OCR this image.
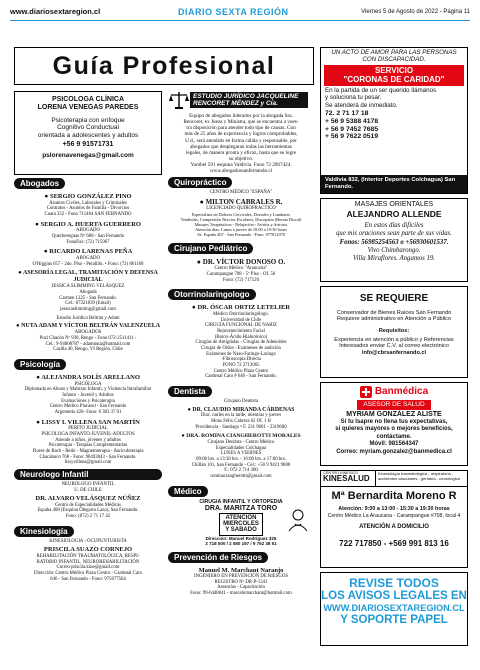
www.diariosextaregion.cl	DIARIO SEXTA REGIÓN	Viernes 5 de Agosto de 2022 - Página 11
Guía Profesional
PSICOLOGA CLÍNICA
LORENA VENEGAS PAREDES
Psicoterapia con enfoque
Cognitivo Conductual
orientada a adolescentes y adultos
+56 9 91571731
pslorenavenegas@gmail.com
Abogados
● SERGIO GONZÁLEZ PINO
Asuntos Civiles, Laborales y Criminales
Contratos - Asuntos de Familia - Divorcios
Cuatá 332 - Fono 711464 SAN FERNANDO
● SERGIO A. HUERTA GUERRERO
ABOGADO
Quechereguas Nº 688 - San Fernando
FonoFax: (72) 715967
● RICARDO LARENAS PEÑA
ABOGADO
O'Higgins 657 - 2do. Piso - Peralillo. • Fono: (72) 861168
● ASESORÍA LEGAL, TRAMITACIÓN Y DEFENSA JUDICIAL
JESSICA SLIMMING VELÁSQUEZ
Abogada
Carmen 1225 - San Fernando.
Cel.: 87321839 (Email)
jessicaslimming@gmail.com
Estudio Jurídico Beltrán y Adam
● NUTA ADAM Y VÍCTOR BELTRÁN VALENZUELA
ABOGADOS
Pozi Chacón Nº 930, Rengo - Fono 072-2511411 -
Cel.: 9-94008787 - adamnuta@hotmail.com
Casilla 40, Rengo, VI Región, Chile
Psicología
● ALEJANDRA SOLÍS ARELLANO
PSICÓLOGA
Diplomada en Abuso y Maltrato Infantil, y Violencia Intrafamiliar
Infanto - Juvenil y Adultos
Evaluaciones y Psicoterapia
Centro Médico Placasol - San Fernando
Argomedo 426- Fono: 6 303 37 01
● LISSY I. VILLENA SAN MARTÍN
PERITO JUDICIAL
PSICOLOGA INFANTO-JUVENIL-ADULTOS
Atiende a niños, jóvenes y adultos
Psicoterapia - Terapias Complementarias
Flores de Bach - Reiki - Magnetoterapia - Auriculoterapia
Chacabuco 768 - Fono: 98493043 - San Fernando.
lissyvillena@gmail.com
Neurologo Infantil
NEUROLOGO INFANTIL
U. DE CHILE
DR. ALVARO VELÁSQUEZ NÚÑEZ
Centro de Especialidades Médicas
Espaha 408 (Esquina Olegario Lazo), San Fernando.
Fono: (072) 2 71 17 42
Kinesiología
KINESIOLOGIA - OCUPUNTURISTA
PRISCILA SUAZO CORNEJO
REHABILITACIÓN TRAUMATOLÓGICA, RESPI-
RATORIO INFANTIL, NEUROREHABILITACIÓN
Correo priscila.kine@gmail.com
Dirección: Centro Médico Plaza Centro - Cardenal Caro
646 - San Fernando - Fono: 975677564
ESTUDIO JURÍDICO JACQUELINE RENCORET MÉNDEZ y Cía.
Equipo de abogados liderados por la abogada Sra.
Rencoret, ex Jueza y Ministra, que se encuentra a vues-
tra disposición para atender todo tipo de causas. Con
más de 25 años de experiencia y logros comprobables,
U.d., será atendido en forma cálida y responsable, por
abogados que desplegaran todas las herramientas
legales, de manera pronta y eficaz, hasta que se logre
su objetivo.
Yumbel 591 esquina Valdivia. Fono 72 2967424.
www.abogadossanfernando.cl
Quiropráctico
CENTRO MÉDICO "ESPAÑA"
● MILTON CABRALES R.
LICENCIADO QUIROPRACTICO
Especialista en Dolores Cervicales, Dorsales y Lumbares
Tendinitis, Compresión Nervios Escolares, Discopatía (Hernia Discal)
Masajes Terapéuticos - Relajación - Artritis y Artrosis
Atención días: Lunes a jueves de 10:00 a 19:30 horas
Av. España 467 - San Fernando - Fono: 977812070
Cirujano Pediátrico
● DR. VÍCTOR DONOSO O.
Centro Médico "Araucaria"
Carampangue 708 - 5º Piso - Of. 56
Fono: (72) 717120
Otorrinolaringologo
● DR. ÓSCAR ORTIZ LETELIER
Médico Otorrinolaringólogo.
Universidad de Chile
CIRUGÍA FUNCIONAL DE NARIZ
Rejuvenecimiento Facial
(Botox-Ácido Hialurónico)
Cirugías de Amígdalas - Cirugías de Adenoides
Cirugía de Oídos - Exámenes de audición
Exámenes de Naso-Faringo-Laringo
-Fibroscopia Directa
FONO 72 2713065
Centro Médico Plaza Centro
Cardenal Caro # 646 - San Fernando.
Dentista
Cirujano Dentista
● DR. CLAUDIO MIRANDA CÁRDENAS
Diac. nurles en la tarde, mientras y jueves
Mons Félix Cabrera 62 Of. 1 B
Providencia - Santiago • F. 231 9601 - 2319600
● DRA. ROMINA CIANGHEROTTI MORALES
Cirujano Dentista - Centro Médico
Especialidades Colchagua
LUNES A VIERNES
09:00 hrs. a 13:30 hrs. - 16:00 hrs. a 17:00 hrs.
Chillán 101, San Fernando - Cel.: +56 9 9421 9888
F.: 072 2 714 300
rominaciangherotti@gmail.com
Médico
CIRUGIA INFANTIL Y ORTOPEDIA
DRA. MARITZA TORO
ATENCIÓN
MIERCOLES
Y SABADO
Dirección: Manuel Rodríguez 325
2 718 500 / 2 580 197 / 9 752 38 51
Prevención de Riesgos
Manuel M. Marchant Naranjo
INGENIERO EN PREVENCIÓN DE RIESGOS
REGISTRO Nº DR-P-1341
Asesorías - Capacitación
Fono: 99-6448841 - marcelomarchant@hotmail.com
UN ACTO DE AMOR PARA LAS PERSONAS CON DISCAPACIDAD.
SERVICIO
"CORONAS DE CARIDAD"
En la partida de un ser querido llámanos
y soluciona tu pesar.
Se atenderá de inmediato.
72. 2 71 17 18
+ 56 9 5388 4178
+ 56 9 7452 7685
+ 56 9 7622 0519
Valdivia 832, (Interior Deportes Colchagua) San Fernando.
MASAJES ORIENTALES
ALEJANDRO ALLENDE
En estos días difíciles
que mis oraciones sean parte de sus vidas.
Fonos: 56985254563 o +56930601537.
Vivo Chimbarongo.
Villa Miraflores. Angamos 19.
SE REQUIERE
Conservador de Bienes Raíces San Fernando
Requiere administrativo en Atención a Público
Requisitos:
Experiencia en atención a público y Referencias
Interesados enviar C.V. al correo electrónico
info@cbrsanfernando.cl
Banmédica
ASESOR DE SALUD
MYRIAM GONZÁLEZ ALISTE
Si tu Isapre no llena tus expectativas,
si quieres mayores o mejores beneficios,
contáctame.
Móvil: 981564347
Correo: myriam.gonzalez@banmedica.cl
CENTRO KINESICO
KINESALUD
Kinesiología traumatológica - respiratoria - accidentes vasculares - geriatría - neurológica
Mª Bernardita Moreno R
Atención: 9:00 a 13:00 - 15:30 a 19:30 horas
Centro Médico La Araucana - Carampangue #708, local 4
ATENCIÓN A DOMICILIO
722 717850 - +569 991 813 16
REVISE TODOS
LOS AVISOS LEGALES EN
WWW.DIARIOSEXTAREGION.CL
Y SOPORTE PAPEL
